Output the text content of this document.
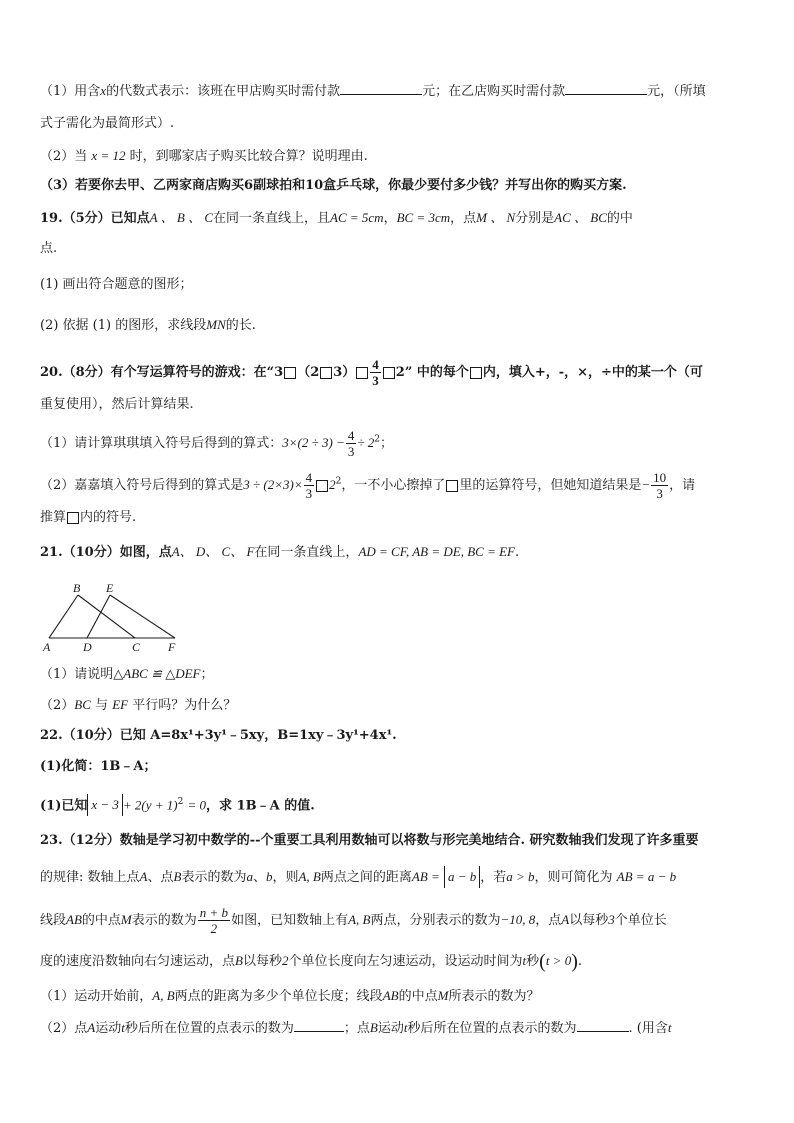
（1）用含x的代数式表示：该班在甲店购买时需付款	元；在乙店购买时需付款	元，（所填
式子需化为最简形式）.
（2）当 x = 12 时，到哪家店子购买比较合算？说明理由.
（3）若要你去甲、乙两家商店购买6副球拍和10盒乒乓球，你最少要付多少钱？并写出你的购买方案.
19.（5分）已知点A 、 B 、 C在同一条直线上，且AC = 5cm，BC = 3cm，点M 、 N分别是AC 、 BC的中
点.
(1) 画出符合题意的图形；
(2) 依据 (1) 的图形，求线段MN的长.
20.（8分）有个写运算符号的游戏：在“3 （2 $3) \frac{4}{3} 2$” 中的每个 内，填入+，-，×，÷中的某一个（可
重复使用），然后计算结果.
（1）请计算琪琪填入符号后得到的算式：$3\times(2 \div 3) - \frac{4}{3} \div 2^2$；
（2）嘉嘉填入符号后得到的算式是$3 \div (2\times 3)\times \frac{4}{3} 2^2$，一不小心擦掉了 里的运算符号，但她知道结果是− $\frac{10}{3}$ ，请
推算 内的符号.
21.（10分）如图，点A、 D、 C、 F在同一条直线上，AD = CF, AB = DE, BC = EF.
B E
A	D	C F
（1）请说明△ABC ≌ △DEF；
（2）BC 与 EF 平行吗？为什么？
22.（10分）已知 A=8x¹+3y¹﹣5xy，B=1xy﹣3y¹+4x¹.
(1)化简：1B﹣A；
(1)已知 $x - 3 + 2(y + 1)^2 = 0$，求 1B﹣A 的值.
23.（12分）数轴是学习初中数学的--个重要工具利用数轴可以将数与形完美地结合. 研究数轴我们发现了许多重要
的规律: 数轴上点A、点B表示的数为a、b，则A, B两点之间的距离AB = a − b ，若a > b，则可简化为 AB = a − b
线段AB的中点M表示的数为 $\frac{n + b}{2}$ 如图，已知数轴上有A, B两点，分别表示的数为−10, 8，点A以每秒3个单位长
度的速度沿数轴向右匀速运动，点B以每秒2个单位长度向左匀速运动，设运动时间为t秒(t > 0).
（1）运动开始前，A, B两点的距离为多少个单位长度；线段AB的中点M所表示的数为？
（2）点A运动t秒后所在位置的点表示的数为	；点B运动t秒后所在位置的点表示的数为	. (用含t
